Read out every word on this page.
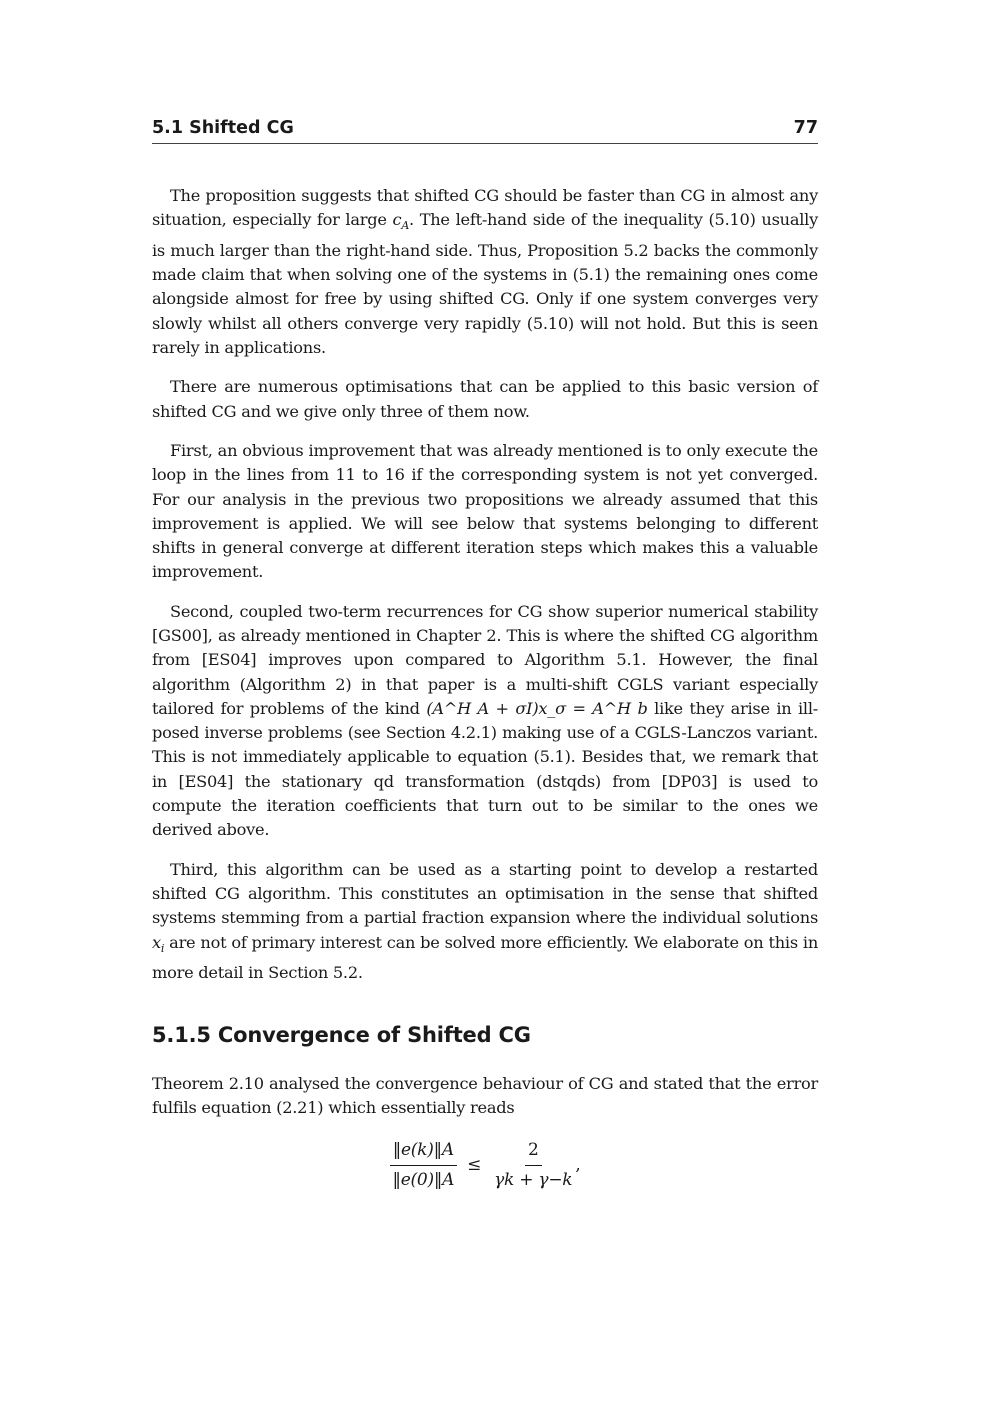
5.1 Shifted CG	77

The proposition suggests that shifted CG should be faster than CG in almost any situation, especially for large $c_A$. The left-hand side of the inequality (5.10) usually is much larger than the right-hand side. Thus, Proposition 5.2 backs the commonly made claim that when solving one of the systems in (5.1) the remaining ones come alongside almost for free by using shifted CG. Only if one system converges very slowly whilst all others converge very rapidly (5.10) will not hold. But this is seen rarely in applications.

There are numerous optimisations that can be applied to this basic version of shifted CG and we give only three of them now.

First, an obvious improvement that was already mentioned is to only execute the loop in the lines from 11 to 16 if the corresponding system is not yet converged. For our analysis in the previous two propositions we already assumed that this improvement is applied. We will see below that systems belonging to different shifts in general converge at different iteration steps which makes this a valuable improvement.

Second, coupled two-term recurrences for CG show superior numerical stability [GS00], as already mentioned in Chapter 2. This is where the shifted CG algorithm from [ES04] improves upon compared to Algorithm 5.1. However, the final algorithm (Algorithm 2) in that paper is a multi-shift CGLS variant especially tailored for problems of the kind (A^H A + σI)x_σ = A^H b like they arise in ill-posed inverse problems (see Section 4.2.1) making use of a CGLS-Lanczos variant. This is not immediately applicable to equation (5.1). Besides that, we remark that in [ES04] the stationary qd transformation (dstqds) from [DP03] is used to compute the iteration coefficients that turn out to be similar to the ones we derived above.

Third, this algorithm can be used as a starting point to develop a restarted shifted CG algorithm. This constitutes an optimisation in the sense that shifted systems stemming from a partial fraction expansion where the individual solutions $x_i$ are not of primary interest can be solved more efficiently. We elaborate on this in more detail in Section 5.2.

5.1.5 Convergence of Shifted CG

Theorem 2.10 analysed the convergence behaviour of CG and stated that the error fulfils equation (2.21) which essentially reads

$\frac{‖e(k)‖A}{‖e(0)‖A} \le \frac{2}{\gamma k + \gamma-k}$ ,
